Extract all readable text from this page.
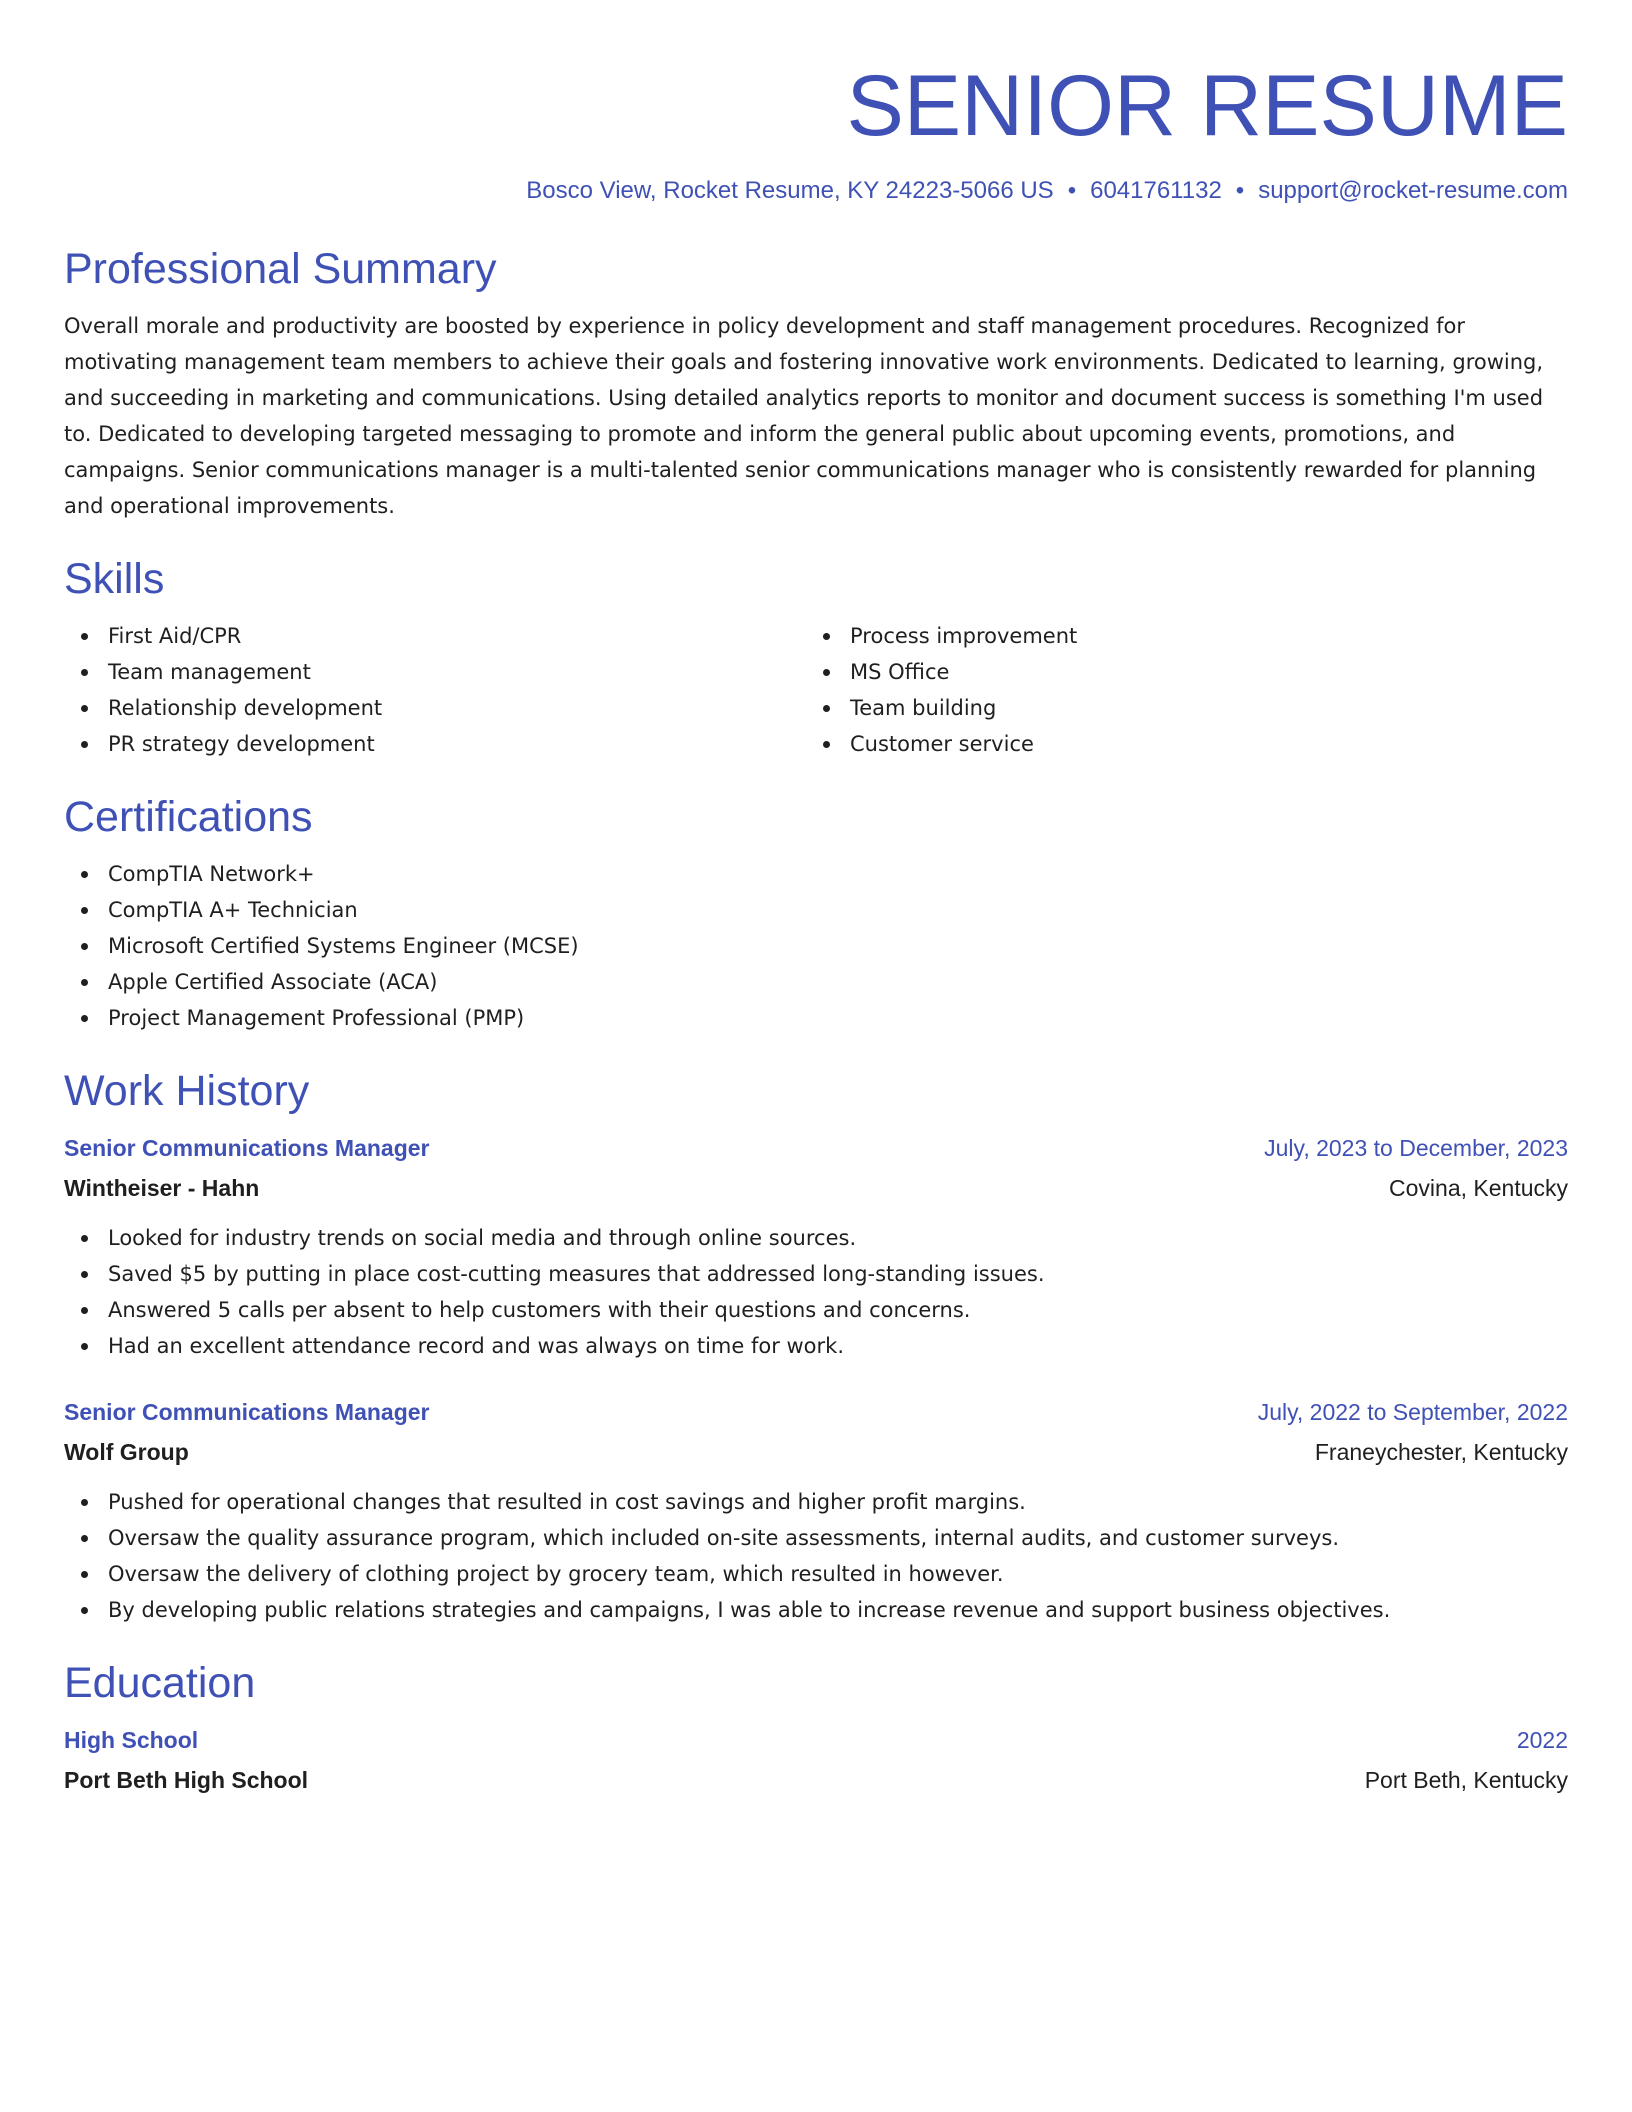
SENIOR RESUME
Bosco View, Rocket Resume, KY 24223-5066 US • 6041761132 • support@rocket-resume.com
Professional Summary

Overall morale and productivity are boosted by experience in policy development and staff management procedures. Recognized for motivating management team members to achieve their goals and fostering innovative work environments. Dedicated to learning, growing, and succeeding in marketing and communications. Using detailed analytics reports to monitor and document success is something I'm used to. Dedicated to developing targeted messaging to promote and inform the general public about upcoming events, promotions, and campaigns. Senior communications manager is a multi-talented senior communications manager who is consistently rewarded for planning and operational improvements.

Skills
First Aid/CPR
Team management
Relationship development
PR strategy development
Process improvement
MS Office
Team building
Customer service
Certifications
CompTIA Network+
CompTIA A+ Technician
Microsoft Certified Systems Engineer (MCSE)
Apple Certified Associate (ACA)
Project Management Professional (PMP)
Work History
Senior Communications Manager	July, 2023 to December, 2023
Wintheiser - Hahn	Covina, Kentucky
Looked for industry trends on social media and through online sources.
Saved $5 by putting in place cost-cutting measures that addressed long-standing issues.
Answered 5 calls per absent to help customers with their questions and concerns.
Had an excellent attendance record and was always on time for work.
Senior Communications Manager	July, 2022 to September, 2022
Wolf Group	Franeychester, Kentucky
Pushed for operational changes that resulted in cost savings and higher profit margins.
Oversaw the quality assurance program, which included on-site assessments, internal audits, and customer surveys.
Oversaw the delivery of clothing project by grocery team, which resulted in however.
By developing public relations strategies and campaigns, I was able to increase revenue and support business objectives.
Education
High School	2022
Port Beth High School	Port Beth, Kentucky
